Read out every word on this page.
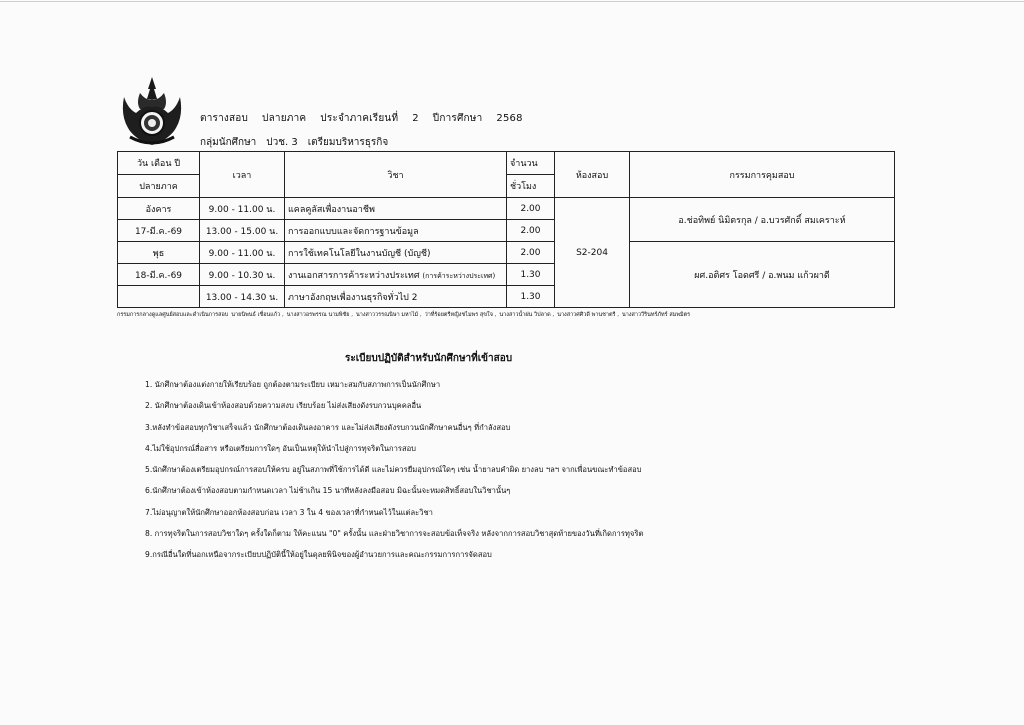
ตารางสอบ ปลายภาค ประจำภาคเรียนที่ 2 ปีการศึกษา 2568
กลุ่มนักศึกษา ปวช. 3 เตรียมบริหารธุรกิจ
วัน เดือน ปี	เวลา	วิชา	จำนวน	ห้องสอบ	กรรมการคุมสอบ
ปลายภาค			ชั่วโมง		
อังคาร	9.00 - 11.00 น.	แคลคูลัสเพื่องานอาชีพ	2.00	S2-204	อ.ช่อทิพย์ นิมิตรกุล / อ.บวรศักดิ์ สมเคราะห์
17-มี.ค.-69	13.00 - 15.00 น.	การออกแบบและจัดการฐานข้อมูล	2.00		
พุธ	9.00 - 11.00 น.	การใช้เทคโนโลยีในงานบัญชี (บัญชี)	2.00		ผศ.อติศร โอดศรี / อ.พนม แก้วผาดี
18-มี.ค.-69	9.00 - 10.30 น.	งานเอกสารการค้าระหว่างประเทศ (การค้าระหว่างประเทศ)	1.30		
	13.00 - 14.30 น.	ภาษาอังกฤษเพื่องานธุรกิจทั่วไป 2	1.30		
กรรมการกลางดูแลศูนย์สอบและดำเนินการสอบ นายนิพนธ์ เชื่อนแก้ว , นางสาวอรพรรณ นามพิชัย , นางสาววรรณนิษา มหาไม้ , ว่าที่ร้อยตรีหญิงชไมพร สุขใจ , นางสาวน้ำฝน วิปลาด , นางสาวศศิวดี พานชาตรี , นางสาววีรินทร์ภัทร์ สมพมิตร
ระเบียบปฏิบัติสำหรับนักศึกษาที่เข้าสอบ
1. นักศึกษาต้องแต่งกายให้เรียบร้อย ถูกต้องตามระเบียบ เหมาะสมกับสภาพการเป็นนักศึกษา
2. นักศึกษาต้องเดินเข้าห้องสอบด้วยความสงบ เรียบร้อย ไม่ส่งเสียงดังรบกวนบุคคลอื่น
3.หลังทำข้อสอบทุกวิชาเสร็จแล้ว นักศึกษาต้องเดินลงอาคาร และไม่ส่งเสียงดังรบกวนนักศึกษาคนอื่นๆ ที่กำลังสอบ
4.ไม่ใช้อุปกรณ์สื่อสาร หรือเตรียมการใดๆ อันเป็นเหตุให้นำไปสู่การทุจริตในการสอบ
5.นักศึกษาต้องเตรียมอุปกรณ์การสอบให้ครบ อยู่ในสภาพที่ใช้การได้ดี และไม่ควรยืมอุปกรณ์ใดๆ เช่น น้ำยาลบคำผิด ยางลบ ฯลฯ จากเพื่อนขณะทำข้อสอบ
6.นักศึกษาต้องเข้าห้องสอบตามกำหนดเวลา ไม่ช้าเกิน 15 นาทีหลังลงมือสอบ มิฉะนั้นจะหมดสิทธิ์สอบในวิชานั้นๆ
7.ไม่อนุญาตให้นักศึกษาออกห้องสอบก่อน เวลา 3 ใน 4 ของเวลาที่กำหนดไว้ในแต่ละวิชา
8. การทุจริตในการสอบวิชาใดๆ ครั้งใดก็ตาม ให้คะแนน "0" ครั้งนั้น และฝ่ายวิชาการจะสอบข้อเท็จจริง หลังจากการสอบวิชาสุดท้ายของวันที่เกิดการทุจริต
9.กรณีอื่นใดที่นอกเหนือจากระเบียบปฏิบัตินี้ให้อยู่ในดุลยพินิจของผู้อำนวยการและคณะกรรมการการจัดสอบ
